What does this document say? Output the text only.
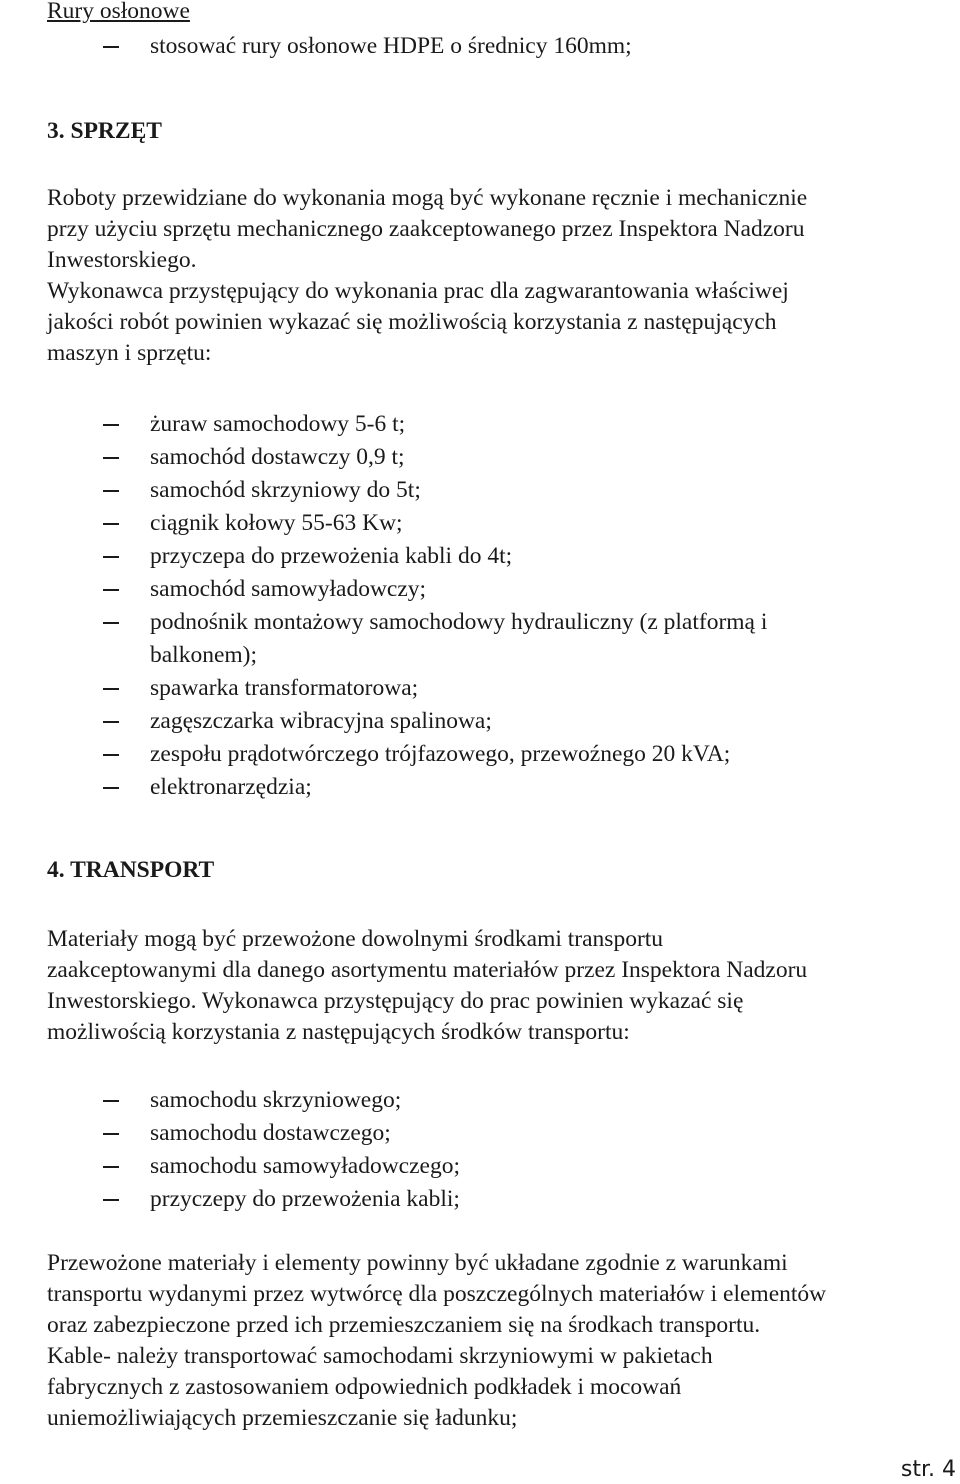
Rury osłonowe
stosować rury osłonowe HDPE o średnicy 160mm;
3. SPRZĘT
Roboty przewidziane do wykonania mogą być wykonane ręcznie i mechanicznie
przy użyciu sprzętu mechanicznego zaakceptowanego przez Inspektora Nadzoru
Inwestorskiego.
Wykonawca przystępujący do wykonania prac dla zagwarantowania właściwej
jakości robót powinien wykazać się możliwością korzystania z następujących
maszyn i sprzętu:
żuraw samochodowy 5-6 t;
samochód dostawczy 0,9 t;
samochód skrzyniowy do 5t;
ciągnik kołowy 55-63 Kw;
przyczepa do przewożenia kabli do 4t;
samochód samowyładowczy;
podnośnik montażowy samochodowy hydrauliczny (z platformą i
balkonem);
spawarka transformatorowa;
zagęszczarka wibracyjna spalinowa;
zespołu prądotwórczego trójfazowego, przewoźnego 20 kVA;
elektronarzędzia;
4. TRANSPORT
Materiały mogą być przewożone dowolnymi środkami transportu
zaakceptowanymi dla danego asortymentu materiałów przez Inspektora Nadzoru
Inwestorskiego. Wykonawca przystępujący do prac powinien wykazać się
możliwością korzystania z następujących środków transportu:
samochodu skrzyniowego;
samochodu dostawczego;
samochodu samowyładowczego;
przyczepy do przewożenia kabli;
Przewożone materiały i elementy powinny być układane zgodnie z warunkami
transportu wydanymi przez wytwórcę dla poszczególnych materiałów i elementów
oraz zabezpieczone przed ich przemieszczaniem się na środkach transportu.
Kable- należy transportować samochodami skrzyniowymi w pakietach
fabrycznych z zastosowaniem odpowiednich podkładek i mocowań
uniemożliwiających przemieszczanie się ładunku;
str. 4
